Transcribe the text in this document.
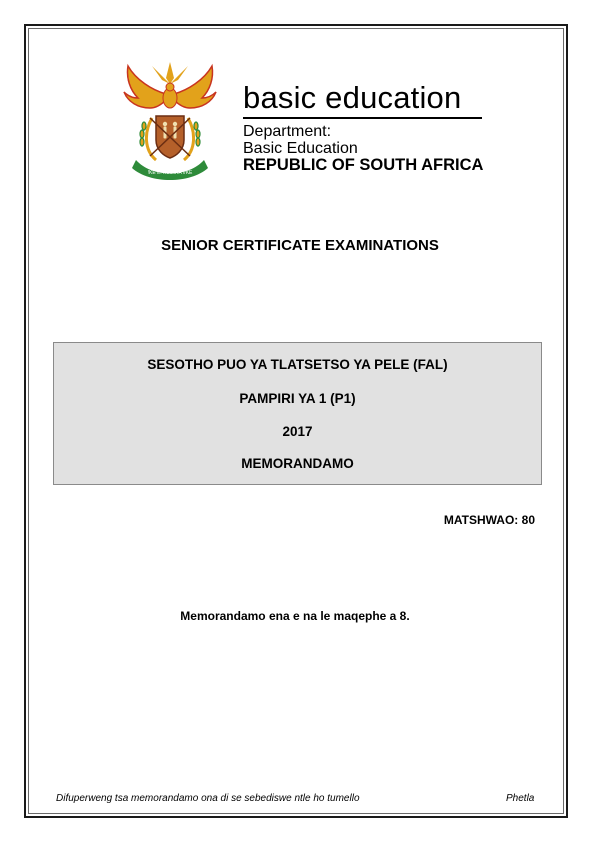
!KE E: /XARRA //KE
basic education
Department:
Basic Education
REPUBLIC OF SOUTH AFRICA
SENIOR CERTIFICATE EXAMINATIONS
SESOTHO PUO YA TLATSETSO YA PELE (FAL)
PAMPIRI YA 1 (P1)
2017
MEMORANDAMO
MATSHWAO: 80
Memorandamo ena e na le maqephe a 8.
Difuperweng tsa memorandamo ona di se sebediswe ntle ho tumello	Phetla
